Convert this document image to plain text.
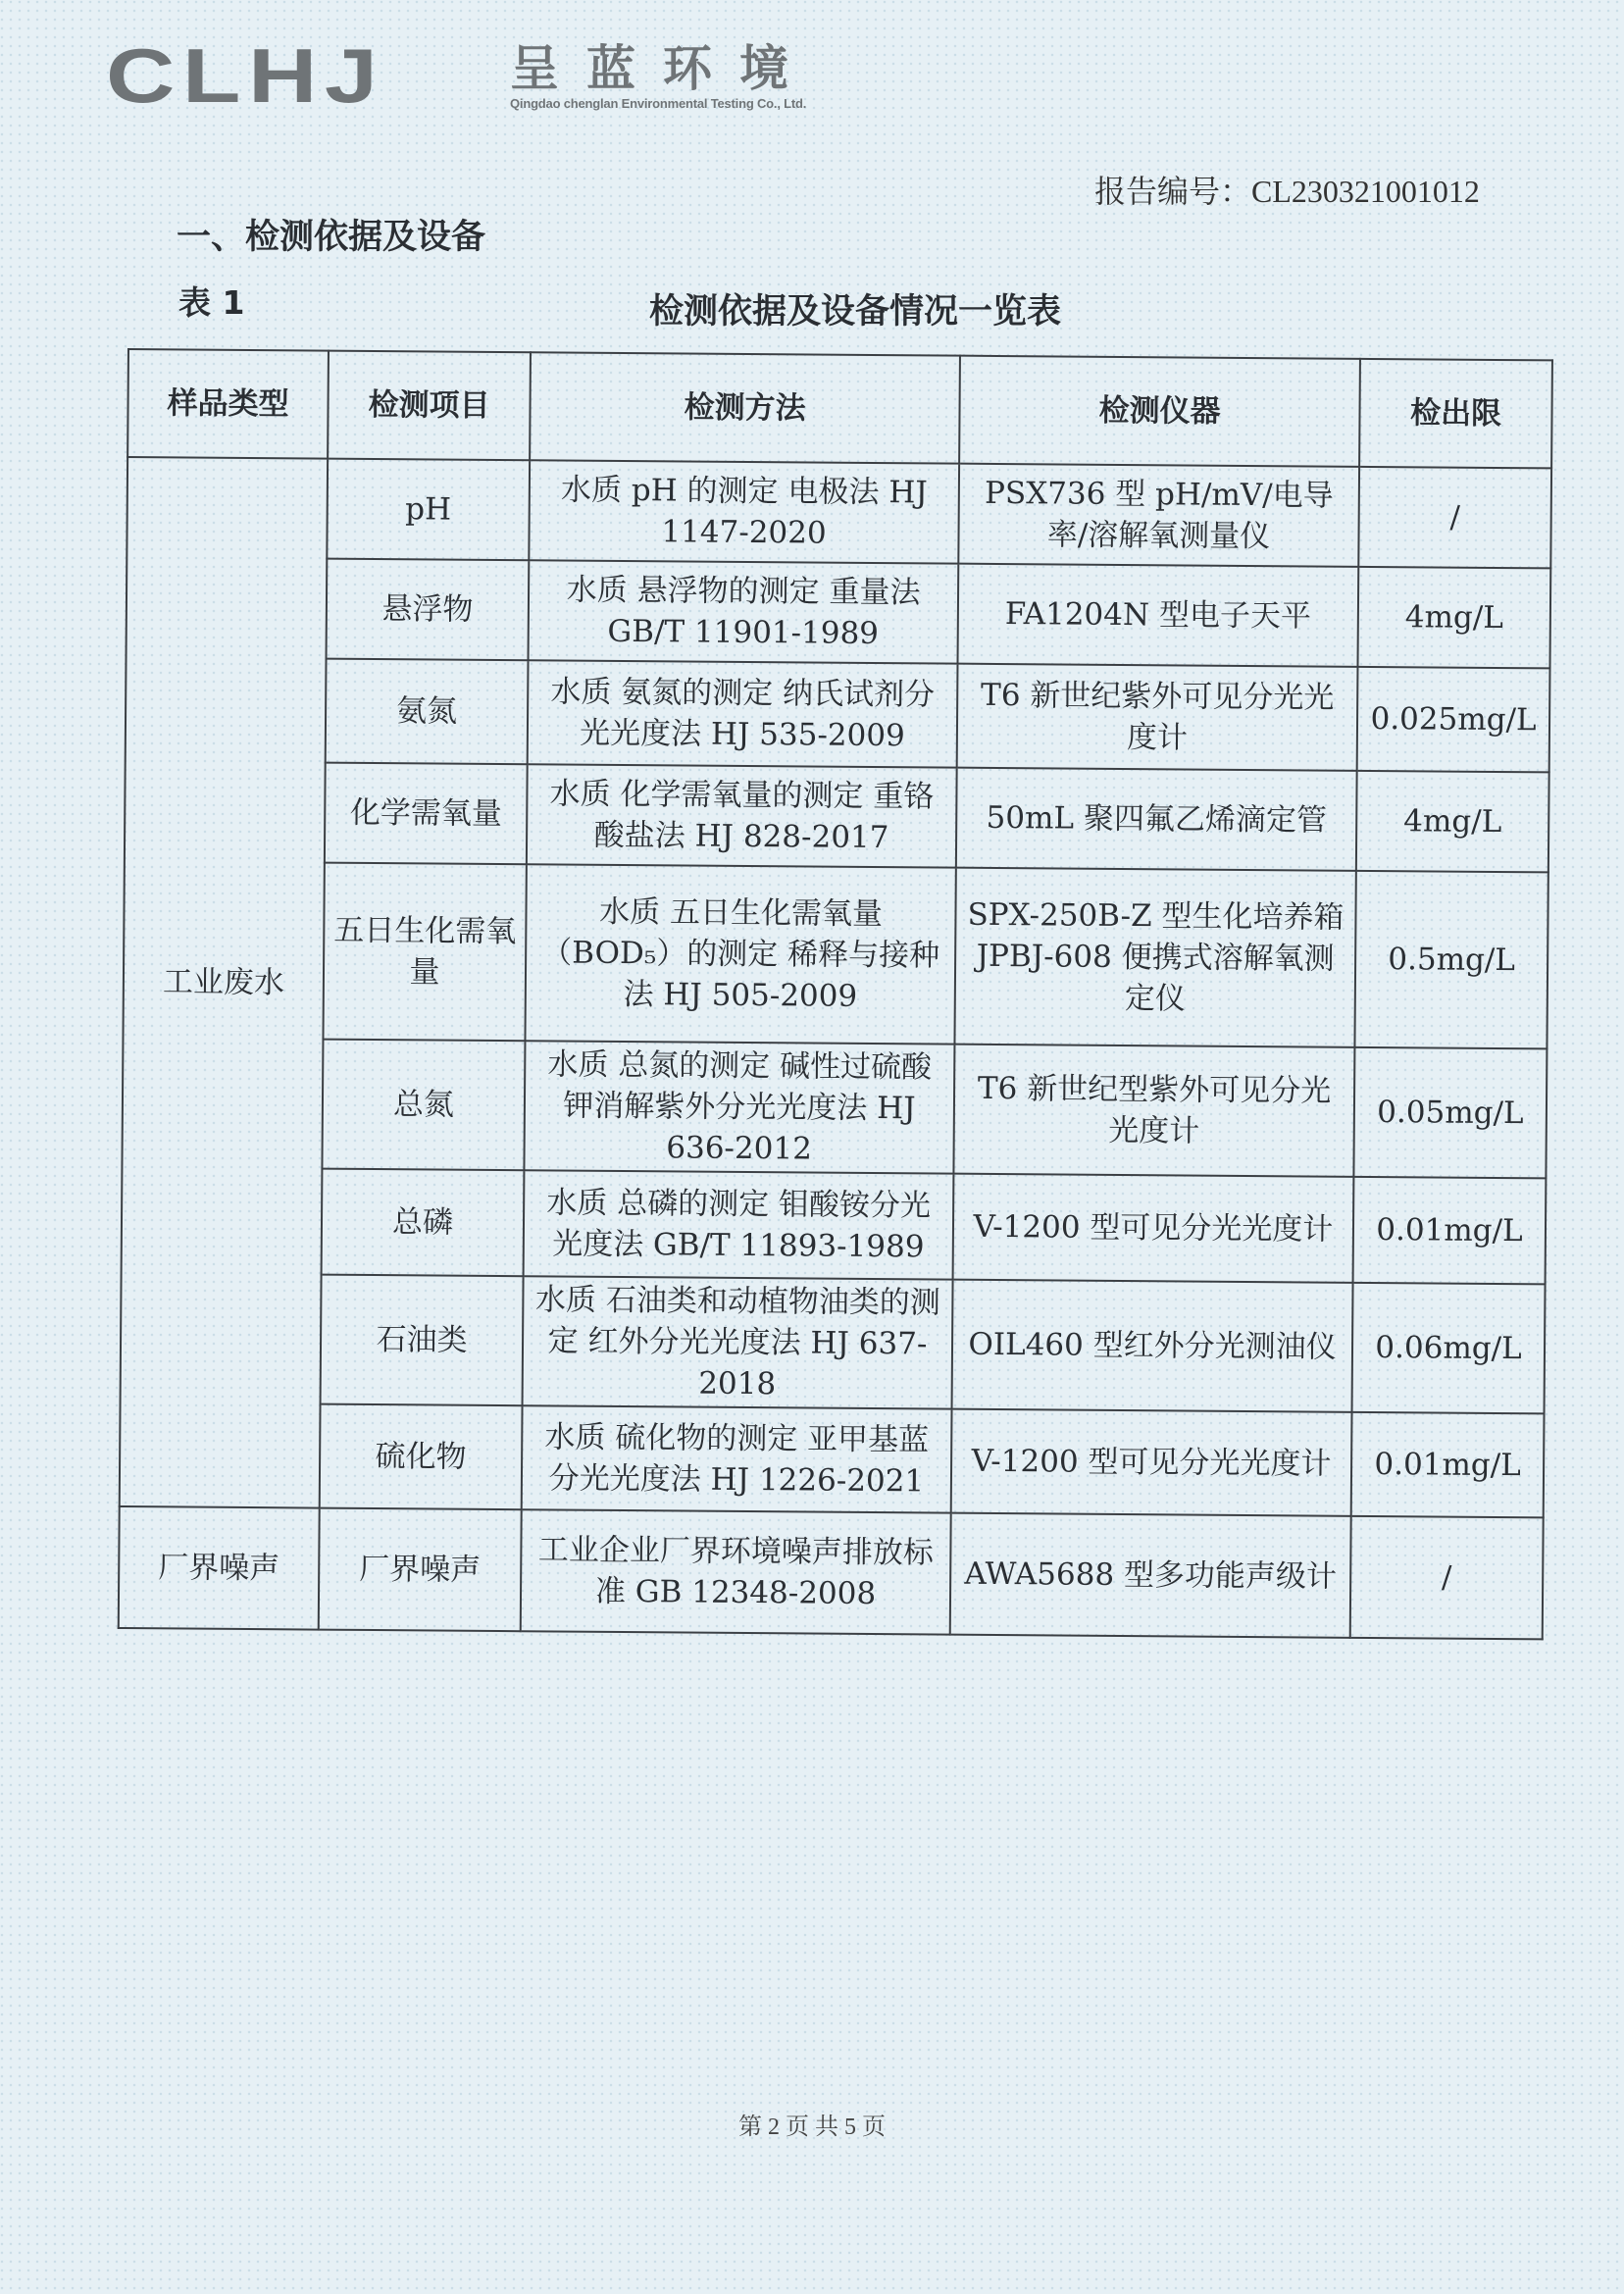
CLHJ	呈蓝环境
Qingdao chenglan Environmental Testing Co., Ltd.
报告编号：CL230321001012
一、检测依据及设备
表 1	检测依据及设备情况一览表
样品类型	检测项目	检测方法	检测仪器	检出限
工业废水	pH	水质 pH 的测定 电极法 HJ 1147-2020	PSX736 型 pH/mV/电导率/溶解氧测量仪	/
	悬浮物	水质 悬浮物的测定 重量法 GB/T 11901-1989	FA1204N 型电子天平	4mg/L
	氨氮	水质 氨氮的测定 纳氏试剂分光光度法 HJ 535-2009	T6 新世纪紫外可见分光光度计	0.025mg/L
	化学需氧量	水质 化学需氧量的测定 重铬酸盐法 HJ 828-2017	50mL 聚四氟乙烯滴定管	4mg/L
	五日生化需氧量	水质 五日生化需氧量（BOD₅）的测定 稀释与接种法 HJ 505-2009	SPX-250B-Z 型生化培养箱 JPBJ-608 便携式溶解氧测定仪	0.5mg/L
	总氮	水质 总氮的测定 碱性过硫酸钾消解紫外分光光度法 HJ 636-2012	T6 新世纪型紫外可见分光光度计	0.05mg/L
	总磷	水质 总磷的测定 钼酸铵分光光度法 GB/T 11893-1989	V-1200 型可见分光光度计	0.01mg/L
	石油类	水质 石油类和动植物油类的测定 红外分光光度法 HJ 637-2018	OIL460 型红外分光测油仪	0.06mg/L
	硫化物	水质 硫化物的测定 亚甲基蓝分光光度法 HJ 1226-2021	V-1200 型可见分光光度计	0.01mg/L
厂界噪声	厂界噪声	工业企业厂界环境噪声排放标准 GB 12348-2008	AWA5688 型多功能声级计	/
第 2 页 共 5 页
